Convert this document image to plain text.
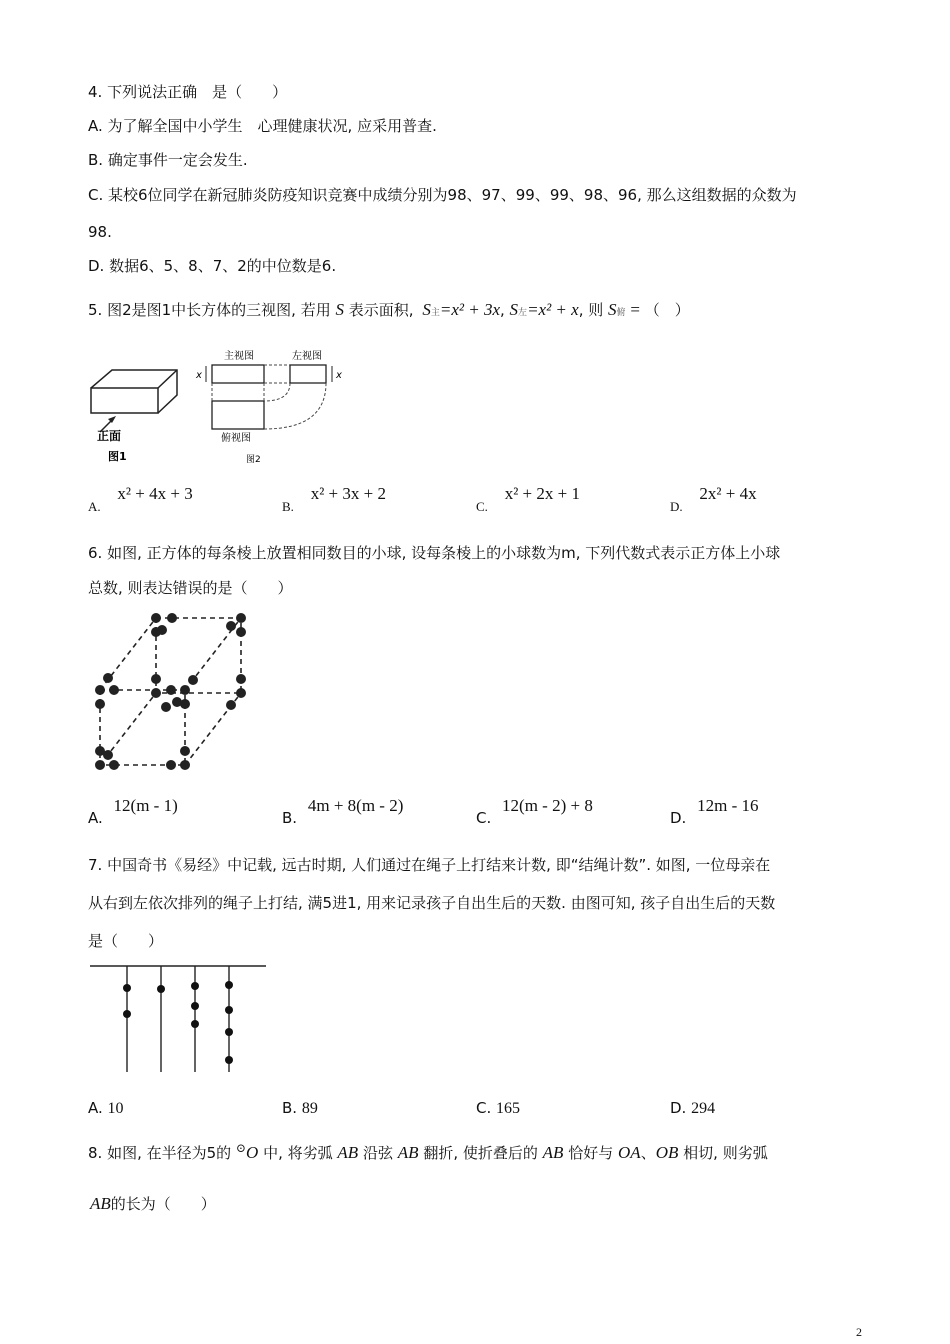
4. 下列说法正确　是（　　）
A. 为了解全国中小学生　心理健康状况, 应采用普查.
B. 确定事件一定会发生.
C. 某校6位同学在新冠肺炎防疫知识竞赛中成绩分别为98、97、99、99、98、96, 那么这组数据的众数为
98.
D. 数据6、5、8、7、2的中位数是6.
5. 图2是图1中长方体的三视图, 若用 S 表示面积, S主=x² + 3x, S左=x² + x, 则 S俯 = （　）
正面
图1
主视图	左视图
x	x
俯视图
图2
A. x² + 4x + 3
B. x² + 3x + 2
C. x² + 2x + 1
D. 2x² + 4x
6. 如图, 正方体的每条棱上放置相同数目的小球, 设每条棱上的小球数为m, 下列代数式表示正方体上小球
总数, 则表达错误的是（　　）
A. 12(m - 1)
B. 4m + 8(m - 2)
C. 12(m - 2) + 8
D. 12m - 16
7. 中国奇书《易经》中记载, 远古时期, 人们通过在绳子上打结来计数, 即“结绳计数”. 如图, 一位母亲在
从右到左依次排列的绳子上打结, 满5进1, 用来记录孩子自出生后的天数. 由图可知, 孩子自出生后的天数
是（　　）
A. 10	B. 89	C. 165	D. 294
8. 如图, 在半径为5的 ⊙O 中, 将劣弧 AB 沿弦 AB 翻折, 使折叠后的 AB 恰好与 OA、OB 相切, 则劣弧
AB的长为（　　）
2
